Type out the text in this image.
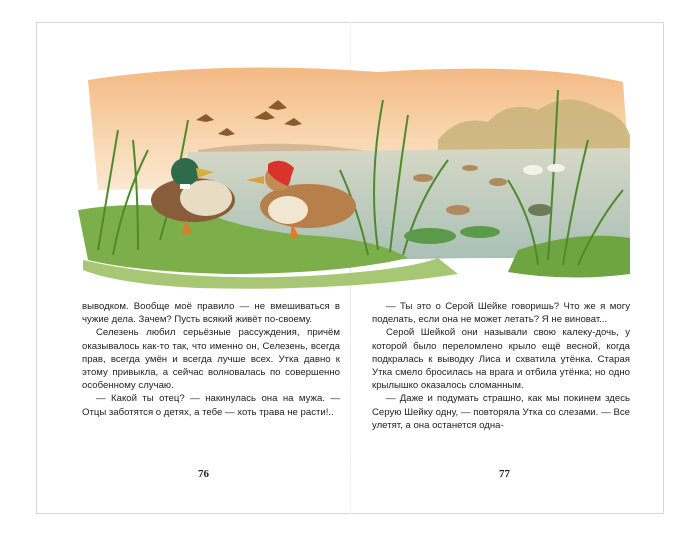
выводком. Вообще моё правило — не вмешиваться в чужие дела. Зачем? Пусть всякий живёт по-своему.

Селезень любил серьёзные рассуждения, причём оказывалось как-то так, что именно он, Селезень, всегда прав, всегда умён и всегда лучше всех. Утка давно к этому привыкла, а сейчас волновалась по совершенно особенному случаю.

— Какой ты отец? — накинулась она на мужа. — Отцы заботятся о детях, а тебе — хоть трава не расти!..

— Ты это о Серой Шейке говоришь? Что же я могу поделать, если она не может летать? Я не виноват...

Серой Шейкой они называли свою калеку-дочь, у которой было переломлено крыло ещё весной, когда подкралась к выводку Лиса и схватила утёнка. Старая Утка смело бросилась на врага и отбила утёнка; но одно крылышко оказалось сломанным.

— Даже и подумать страшно, как мы покинем здесь Серую Шейку одну, — повторяла Утка со слезами. — Все улетят, а она останется одна-

76	77
